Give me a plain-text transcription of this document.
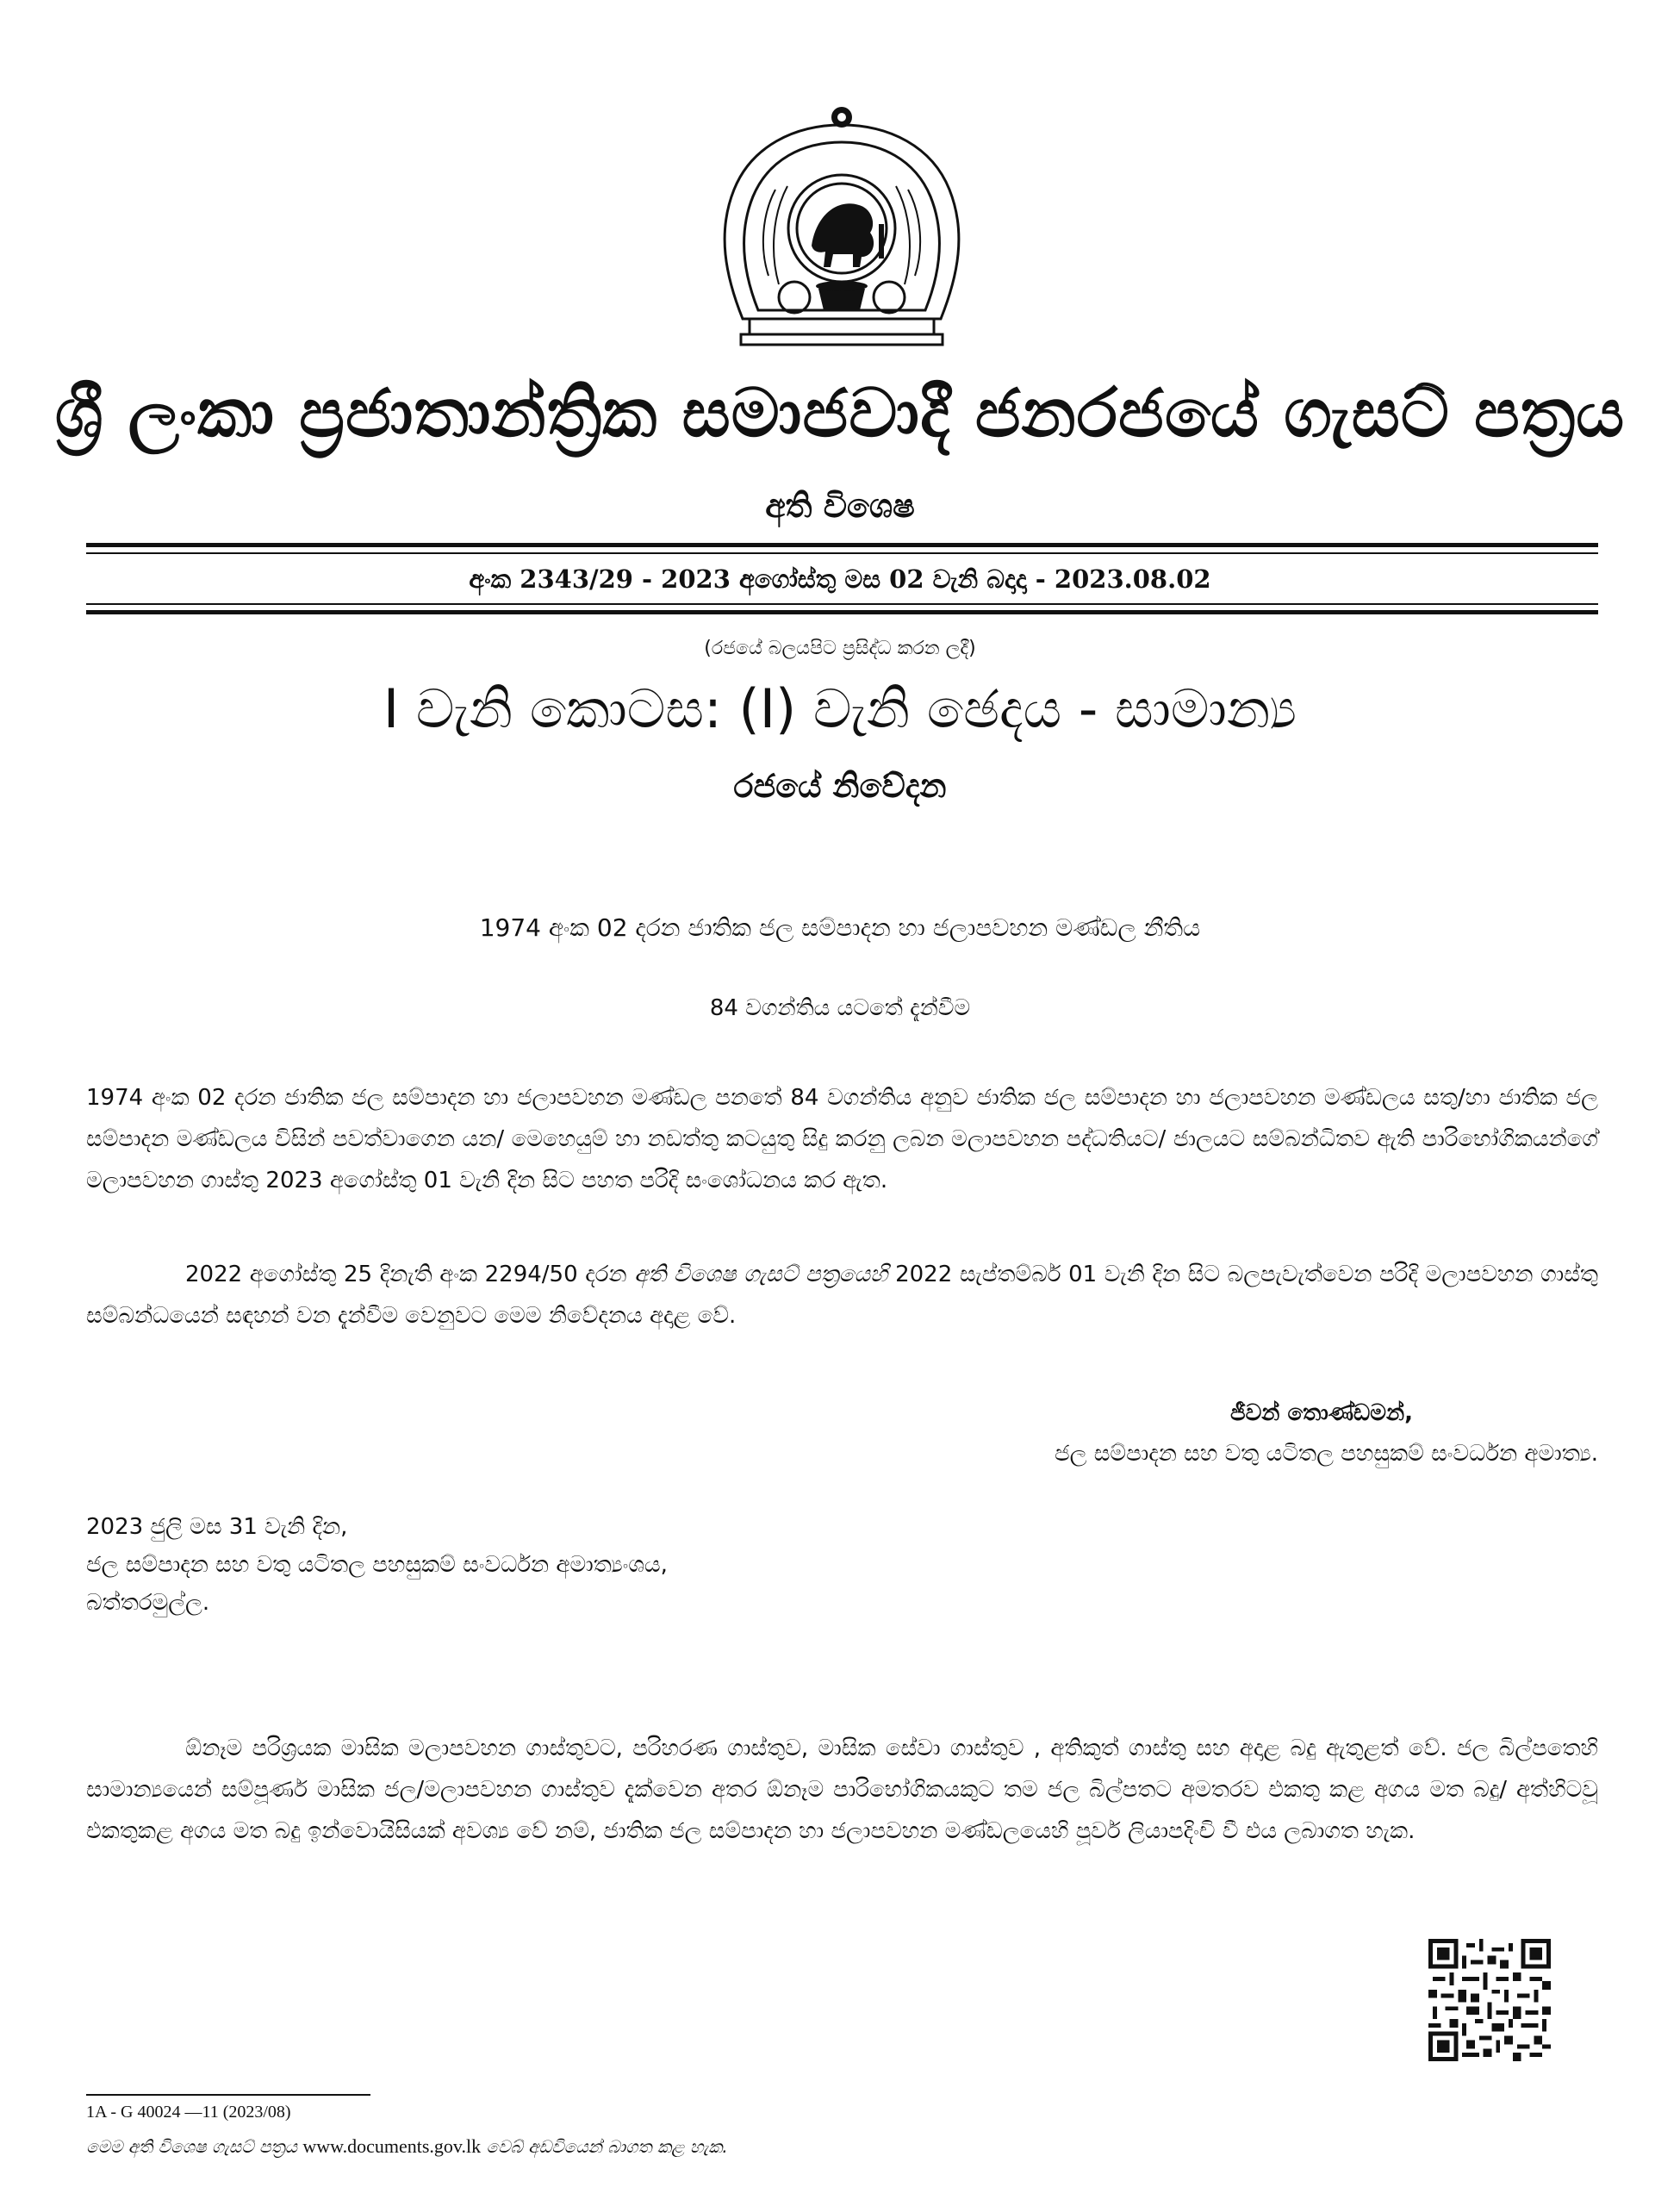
ශ්‍රී ලංකා ප්‍රජාතාන්ත්‍රික සමාජවාදී ජනරජයේ ගැසට් පත්‍රය
අති විශෙෂ
අංක 2343/29 - 2023 අගෝස්තු මස 02 වැනි බදාදා - 2023.08.02
(රජයේ බලයපිට ප්‍රසිද්ධ කරන ලදී)
I වැනි කොටස: (I) වැනි ඡෙදය - සාමාන්‍ය
රජයේ නිවේදන
1974 අංක 02 දරන ජාතික ජල සම්පාදන හා ජලාපවහන මණ්ඩල නීතිය
84 වගන්තිය යටතේ දැන්වීම
1974 අංක 02 දරන ජාතික ජල සම්පාදන හා ජලාපවහන මණ්ඩල පනතේ 84 වගන්තිය අනුව ජාතික ජල සම්පාදන හා ජලාපවහන මණ්ඩලය සතු/හා ජාතික ජල සම්පාදන මණ්ඩලය විසින් පවත්වාගෙන යන/ මෙහෙයුම් හා නඩත්තු කටයුතු සිදු කරනු ලබන මලාපවහන පද්ධතියට/ ජාලයට සම්බන්ධිතව ඇති පාරිභෝගිකයන්ගේ මලාපවහන ගාස්තු 2023 අගෝස්තු 01 වැනි දින සිට පහත පරිදි සංශෝධනය කර ඇත.
2022 අගෝස්තු 25 දිනැති අංක 2294/50 දරන අති විශෙෂ ගැසට් පත්‍රයෙහි 2022 සැප්තම්බර් 01 වැනි දින සිට බලපැවැත්වෙන පරිදි මලාපවහන ගාස්තු සම්බන්ධයෙන් සඳහන් වන දැන්වීම වෙනුවට මෙම නිවේදනය අදාළ වේ.
ජීවන් තොණ්ඩමන්,
ජල සම්පාදන සහ වතු යටිතල පහසුකම් සංවර්ධන අමාත්‍ය.
2023 ජුලි මස 31 වැනි දින,
ජල සම්පාදන සහ වතු යටිතල පහසුකම් සංවර්ධන අමාත්‍යංශය,
බත්තරමුල්ල.
ඕනෑම පරිශ්‍රයක මාසික මලාපවහන ගාස්තුවට, පරිහරණ ගාස්තුව, මාසික සේවා ගාස්තුව , අතිකුත් ගාස්තු සහ අදාළ බදු ඇතුළත් වේ. ජල බිල්පතෙහි සාමාන්‍යයෙන් සම්පූර්ණ මාසික ජල/මලාපවහන ගාස්තුව දැක්වෙන අතර ඕනෑම පාරිභෝගිකයකුට තම ජල බිල්පතට අමතරව එකතු කළ අගය මත බදු/ අත්හිටවූ එකතුකළ අගය මත බදු ඉන්වොයිසියක් අවශ්‍ය වේ නම්, ජාතික ජල සම්පාදන හා ජලාපවහන මණ්ඩලයෙහි පූර්ව ලියාපදිංචි වී එය ලබාගත හැක.
1A - G 40024 —11 (2023/08)
මෙම අති විශෙෂ ගැසට් පත්‍රය www.documents.gov.lk වෙබ් අඩවියෙන් බාගත කළ හැක.
